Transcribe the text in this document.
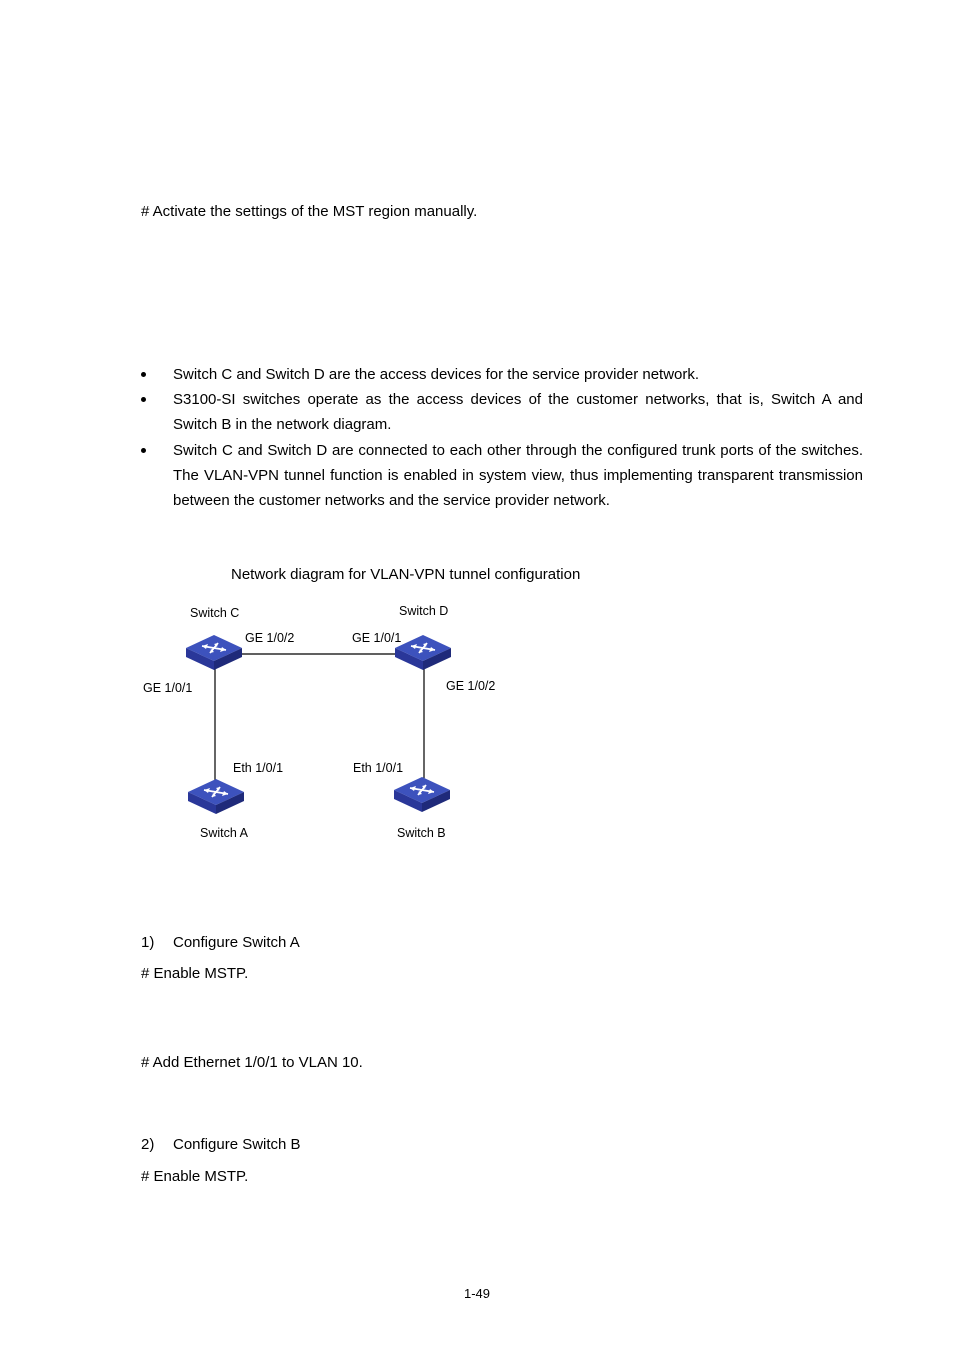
# Activate the settings of the MST region manually.
Switch C and Switch D are the access devices for the service provider network.
S3100-SI switches operate as the access devices of the customer networks, that is, Switch A and Switch B in the network diagram.
Switch C and Switch D are connected to each other through the configured trunk ports of the switches. The VLAN-VPN tunnel function is enabled in system view, thus implementing transparent transmission between the customer networks and the service provider network.
Network diagram for VLAN-VPN tunnel configuration
Switch C	Switch D
Switch A	Switch B
GE 1/0/2	GE 1/0/1
GE 1/0/1	GE 1/0/2
Eth 1/0/1	Eth 1/0/1
1) Configure Switch A
# Enable MSTP.
# Add Ethernet 1/0/1 to VLAN 10.
2) Configure Switch B
# Enable MSTP.
1-49
